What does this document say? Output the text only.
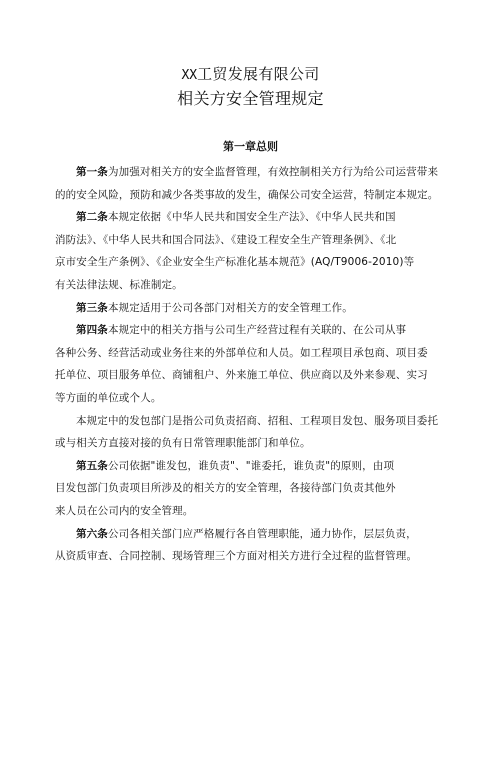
XX工贸发展有限公司
相关方安全管理规定
第一章总则

第一条为加强对相关方的安全监督管理，有效控制相关方行为给公司运营带来
的的安全风险，预防和减少各类事故的发生，确保公司安全运营，特制定本规定。

第二条本规定依据《中华人民共和国安全生产法》、《中华人民共和国
消防法》、《中华人民共和国合同法》、《建设工程安全生产管理条例》、《北
京市安全生产条例》、《企业安全生产标准化基本规范》(AQ/T9006-2010)等
有关法律法规、标准制定。

第三条本规定适用于公司各部门对相关方的安全管理工作。

第四条本规定中的相关方指与公司生产经营过程有关联的、在公司从事
各种公务、经营活动或业务往来的外部单位和人员。如工程项目承包商、项目委
托单位、项目服务单位、商铺租户、外来施工单位、供应商以及外来参观、实习
等方面的单位或个人。

本规定中的发包部门是指公司负责招商、招租、工程项目发包、服务项目委托
或与相关方直接对接的负有日常管理职能部门和单位。

第五条公司依据"谁发包，谁负责"、"谁委托，谁负责"的原则，由项
目发包部门负责项目所涉及的相关方的安全管理，各接待部门负责其他外
来人员在公司内的安全管理。

第六条公司各相关部门应严格履行各自管理职能，通力协作，层层负责，
从资质审查、合同控制、现场管理三个方面对相关方进行全过程的监督管理。
